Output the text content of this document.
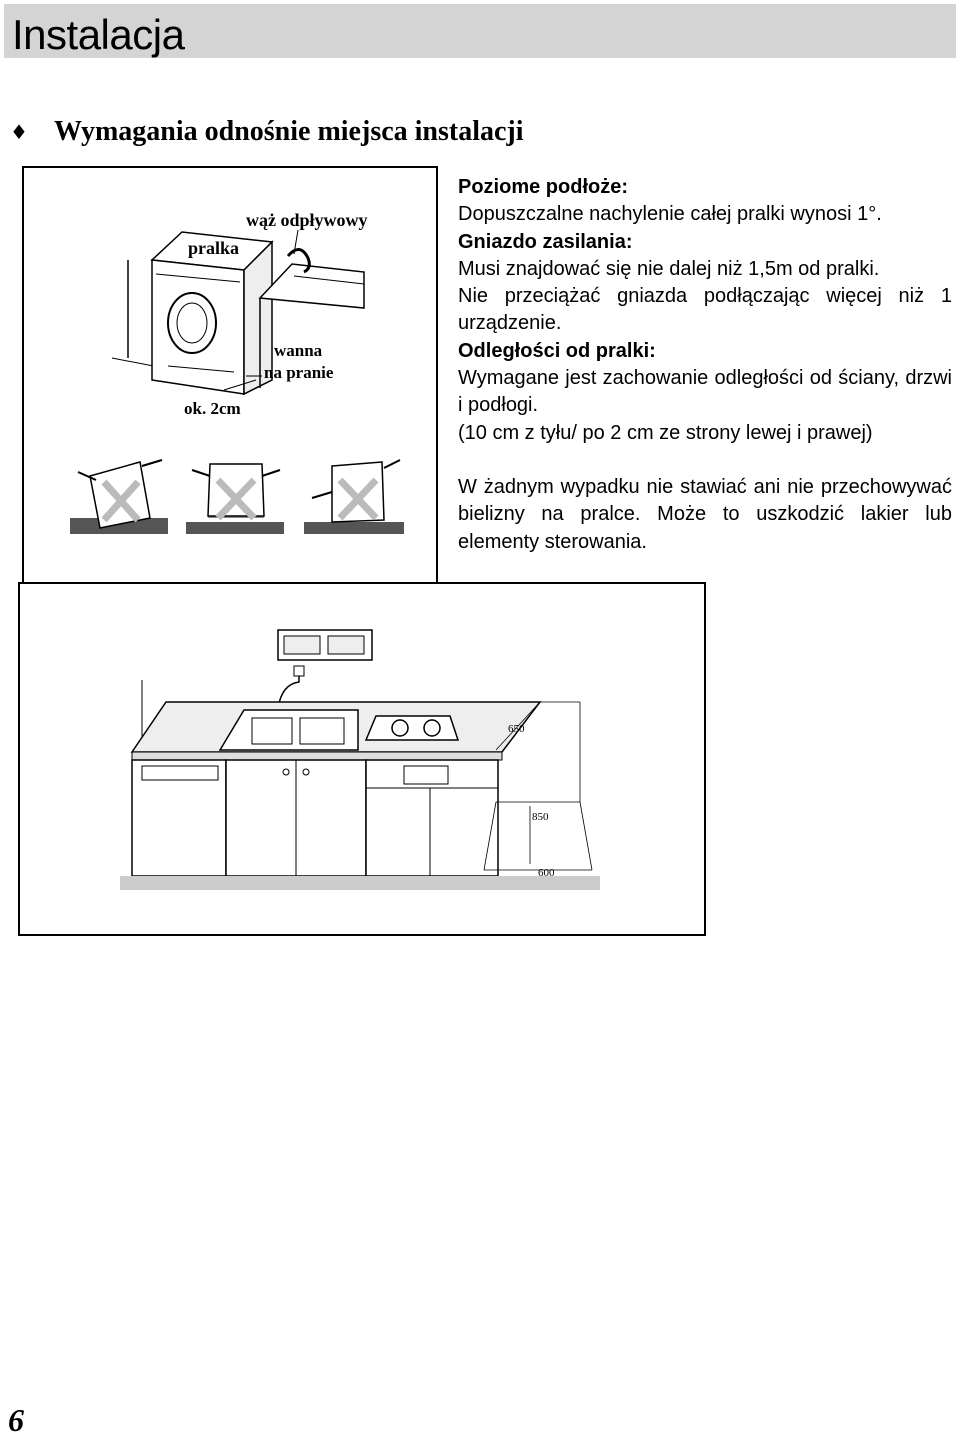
Instalacja
♦ Wymagania odnośnie miejsca instalacji
wąż odpływowy
pralka
wanna
na pranie
ok. 2cm

Poziome podłoże:

Dopuszczalne nachylenie całej pralki wynosi 1°.

Gniazdo zasilania:

Musi znajdować się nie dalej niż 1,5m od pralki.

Nie przeciążać gniazda podłączając więcej niż 1 urządzenie.

Odległości od pralki:

Wymagane jest zachowanie odległości od ściany, drzwi i podłogi.

(10 cm z tyłu/ po 2 cm ze strony lewej i prawej)

W żadnym wypadku nie stawiać ani nie przechowywać bielizny na pralce. Może to uszkodzić lakier lub elementy sterowania.

650
850
600
6
